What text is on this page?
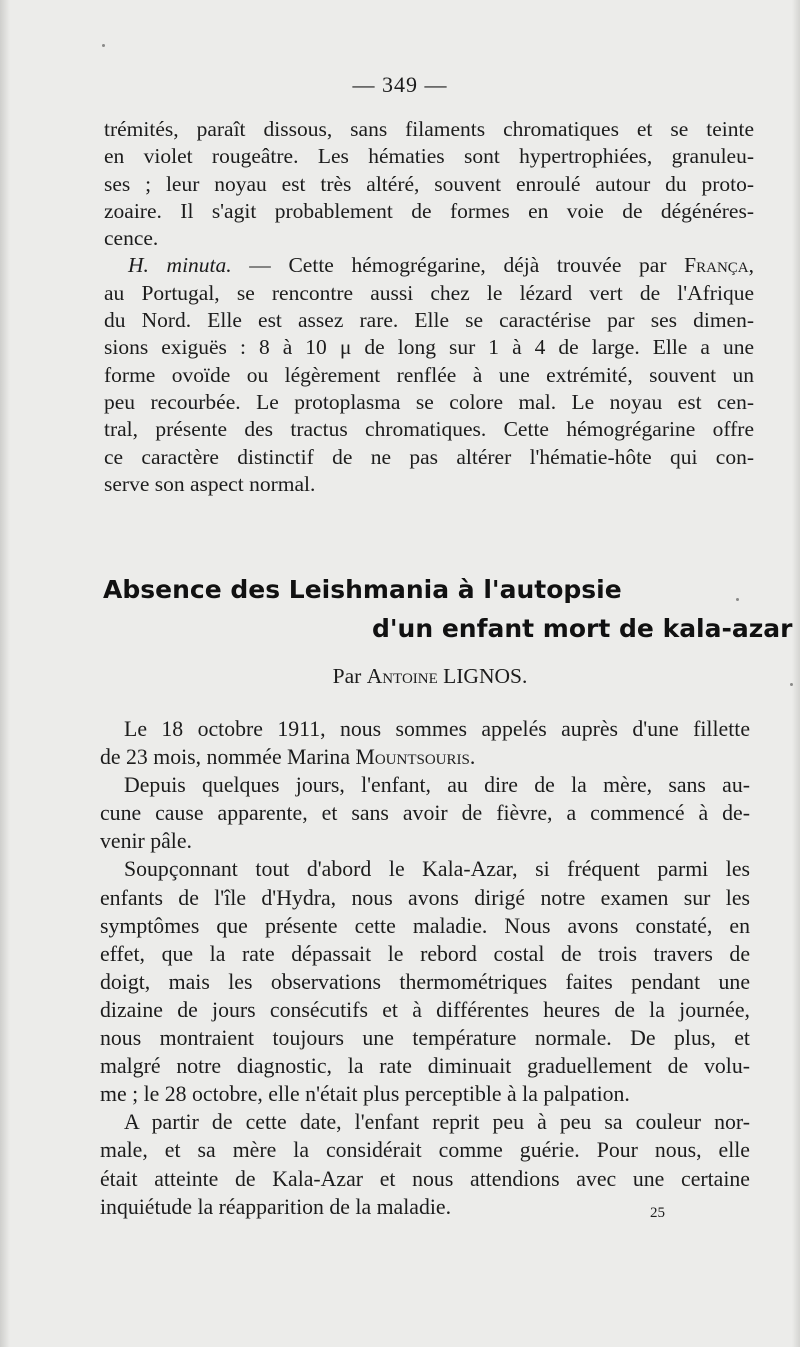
— 349 —
trémités, paraît dissous, sans filaments chromatiques et se teinte
en violet rougeâtre. Les hématies sont hypertrophiées, granuleu-
ses ; leur noyau est très altéré, souvent enroulé autour du proto-
zoaire. Il s'agit probablement de formes en voie de dégénéres-
cence.
H. minuta. — Cette hémogrégarine, déjà trouvée par França,
au Portugal, se rencontre aussi chez le lézard vert de l'Afrique
du Nord. Elle est assez rare. Elle se caractérise par ses dimen-
sions exiguës : 8 à 10 μ de long sur 1 à 4 de large. Elle a une
forme ovoïde ou légèrement renflée à une extrémité, souvent un
peu recourbée. Le protoplasma se colore mal. Le noyau est cen-
tral, présente des tractus chromatiques. Cette hémogrégarine offre
ce caractère distinctif de ne pas altérer l'hématie-hôte qui con-
serve son aspect normal.
Absence des Leishmania à l'autopsie
d'un enfant mort de kala-azar
Par Antoine LIGNOS.
Le 18 octobre 1911, nous sommes appelés auprès d'une fillette
de 23 mois, nommée Marina Mountsouris.
Depuis quelques jours, l'enfant, au dire de la mère, sans au-
cune cause apparente, et sans avoir de fièvre, a commencé à de-
venir pâle.
Soupçonnant tout d'abord le Kala-Azar, si fréquent parmi les
enfants de l'île d'Hydra, nous avons dirigé notre examen sur les
symptômes que présente cette maladie. Nous avons constaté, en
effet, que la rate dépassait le rebord costal de trois travers de
doigt, mais les observations thermométriques faites pendant une
dizaine de jours consécutifs et à différentes heures de la journée,
nous montraient toujours une température normale. De plus, et
malgré notre diagnostic, la rate diminuait graduellement de volu-
me ; le 28 octobre, elle n'était plus perceptible à la palpation.
A partir de cette date, l'enfant reprit peu à peu sa couleur nor-
male, et sa mère la considérait comme guérie. Pour nous, elle
était atteinte de Kala-Azar et nous attendions avec une certaine
inquiétude la réapparition de la maladie.	25
